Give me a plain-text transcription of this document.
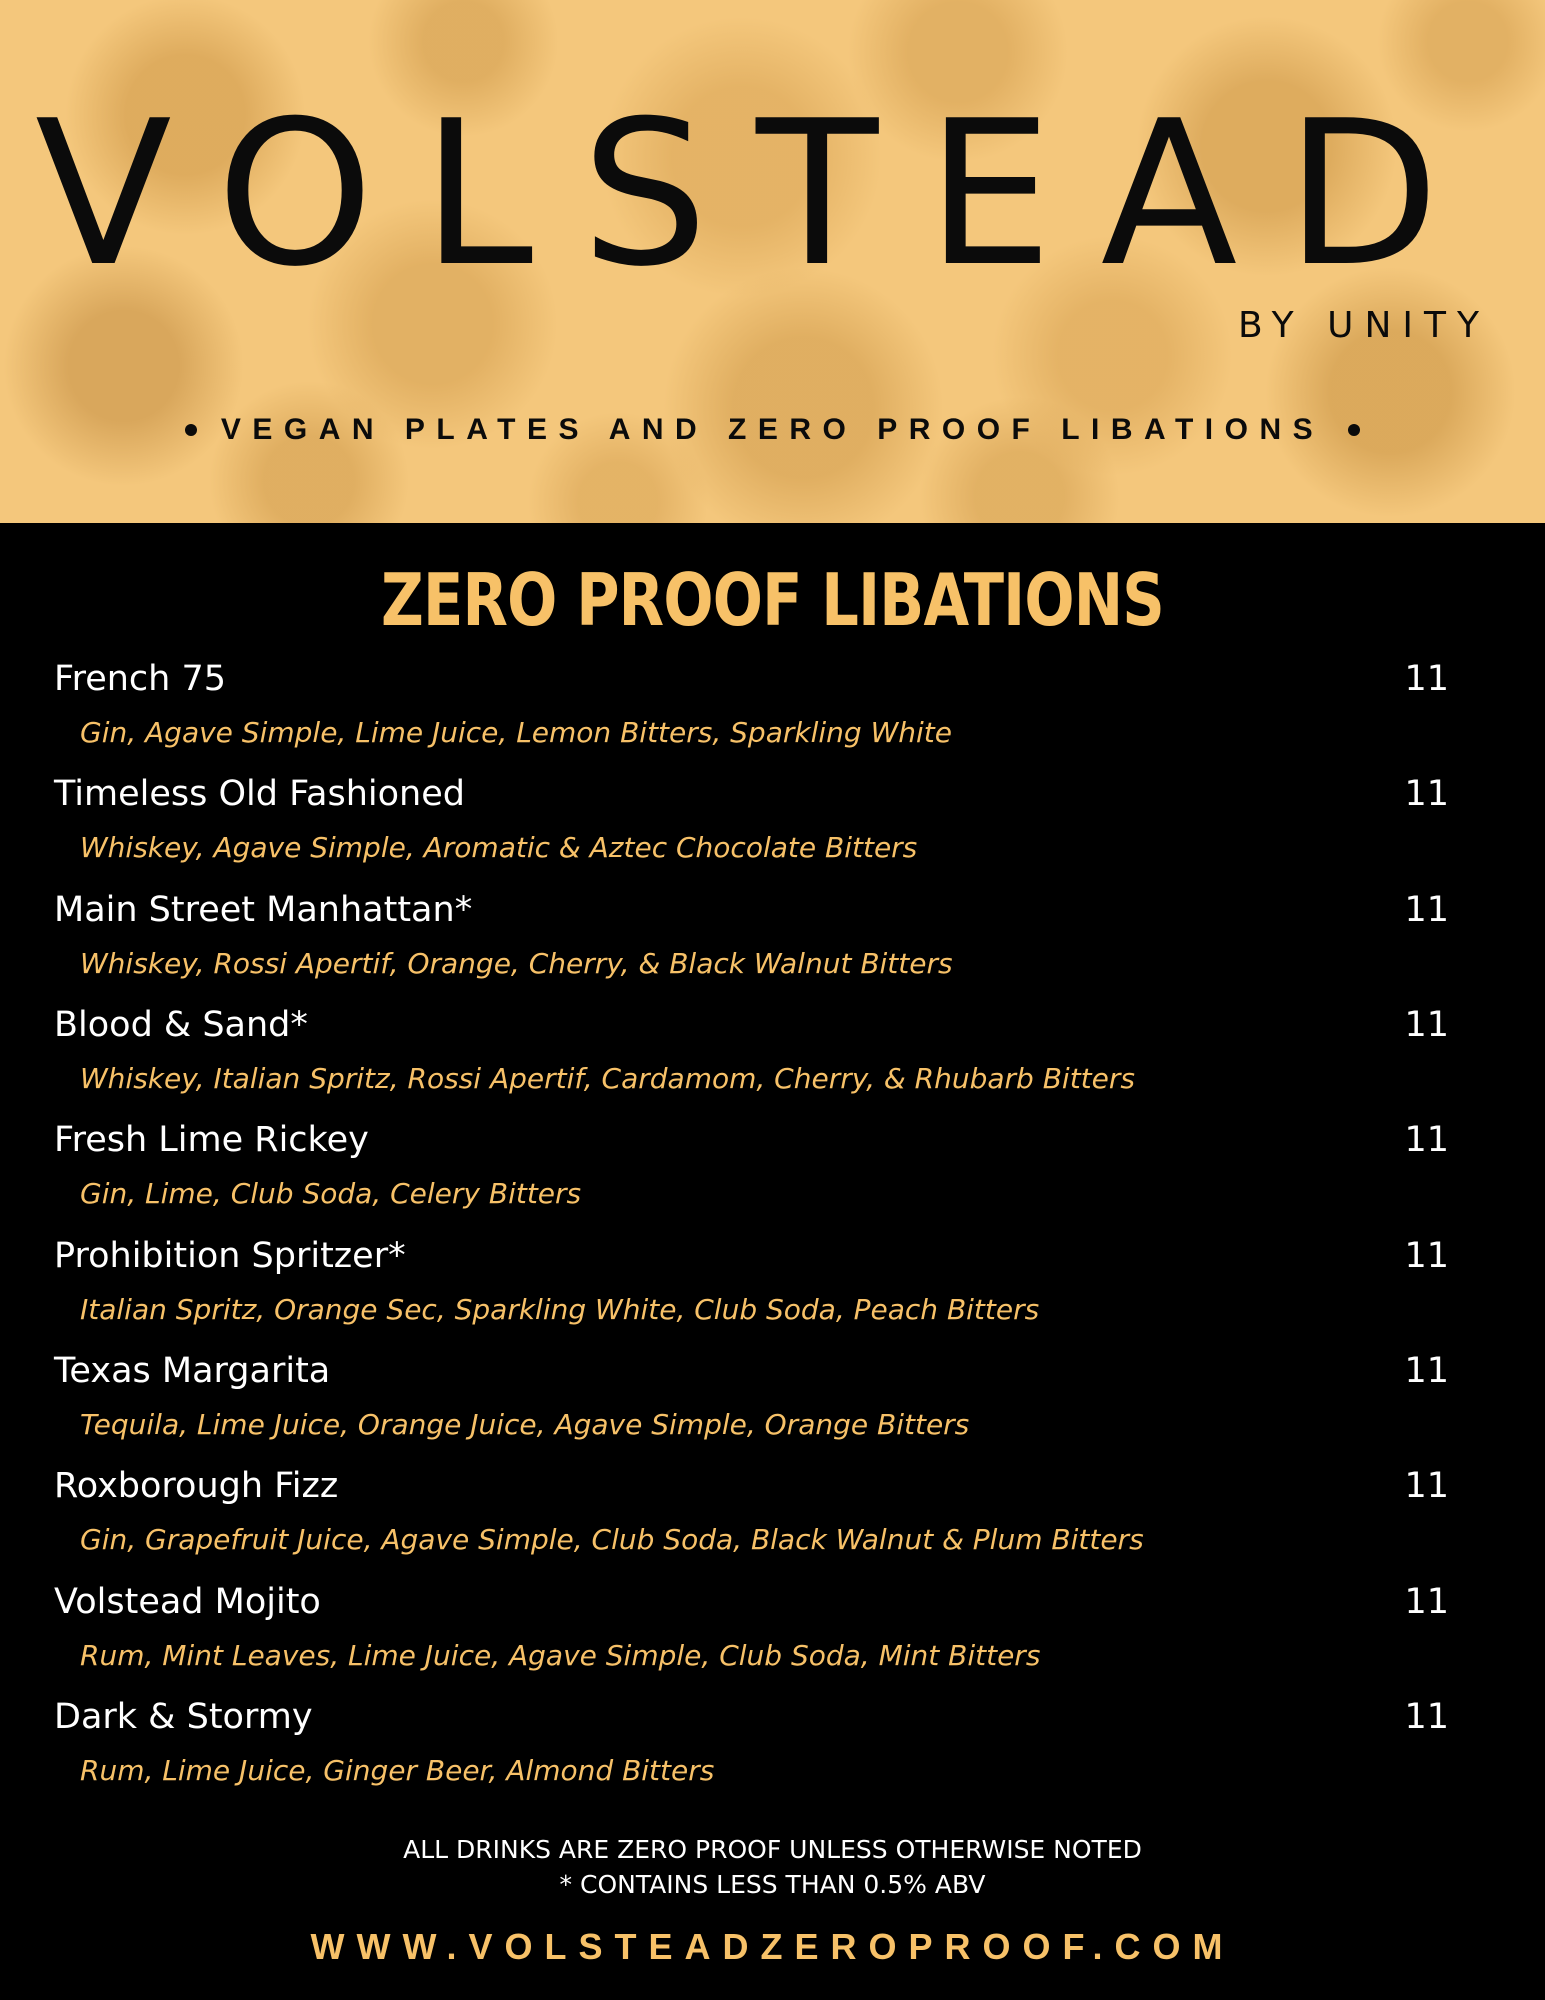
VOLSTEAD
BY UNITY
VEGAN PLATES AND ZERO PROOF LIBATIONS
ZERO PROOF LIBATIONS
French 75	11
Gin, Agave Simple, Lime Juice, Lemon Bitters, Sparkling White
Timeless Old Fashioned	11
Whiskey, Agave Simple, Aromatic & Aztec Chocolate Bitters
Main Street Manhattan*	11
Whiskey, Rossi Apertif, Orange, Cherry, & Black Walnut Bitters
Blood & Sand*	11
Whiskey, Italian Spritz, Rossi Apertif, Cardamom, Cherry, & Rhubarb Bitters
Fresh Lime Rickey	11
Gin, Lime, Club Soda, Celery Bitters
Prohibition Spritzer*	11
Italian Spritz, Orange Sec, Sparkling White, Club Soda, Peach Bitters
Texas Margarita	11
Tequila, Lime Juice, Orange Juice, Agave Simple, Orange Bitters
Roxborough Fizz	11
Gin, Grapefruit Juice, Agave Simple, Club Soda, Black Walnut & Plum Bitters
Volstead Mojito	11
Rum, Mint Leaves, Lime Juice, Agave Simple, Club Soda, Mint Bitters
Dark & Stormy	11
Rum, Lime Juice, Ginger Beer, Almond Bitters
ALL DRINKS ARE ZERO PROOF UNLESS OTHERWISE NOTED
* CONTAINS LESS THAN 0.5% ABV
WWW.VOLSTEADZEROPROOF.COM
